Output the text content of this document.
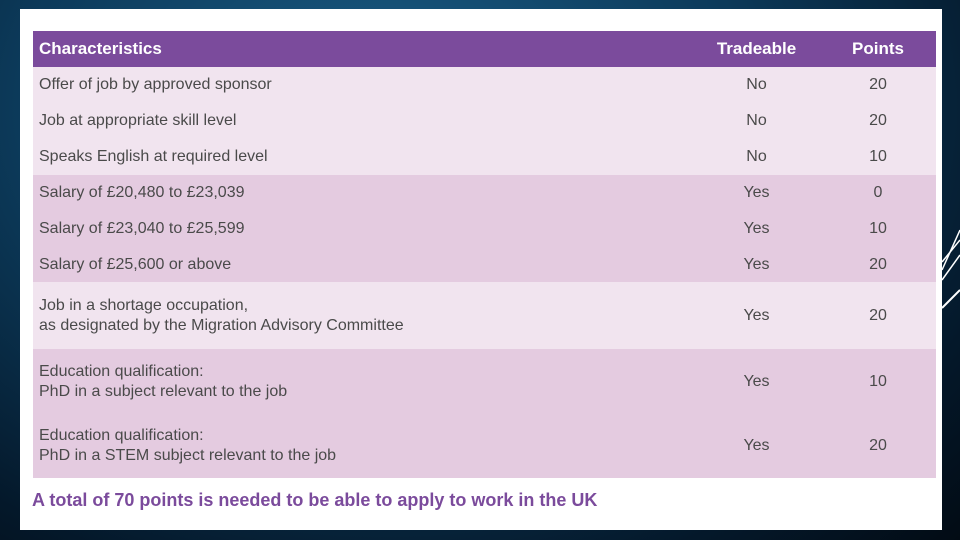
Characteristics	Tradeable	Points
Offer of job by approved sponsor	No	20
Job at appropriate skill level	No	20
Speaks English at required level	No	10
Salary of £20,480 to £23,039	Yes	0
Salary of £23,040 to £25,599	Yes	10
Salary of £25,600 or above	Yes	20

Job in a shortage occupation,
as designated by the Migration Advisory Committee	Yes	20

Education qualification:
PhD in a subject relevant to the job	Yes	10

Education qualification:
PhD in a STEM subject relevant to the job	Yes	20
A total of 70 points is needed to be able to apply to work in the UK
